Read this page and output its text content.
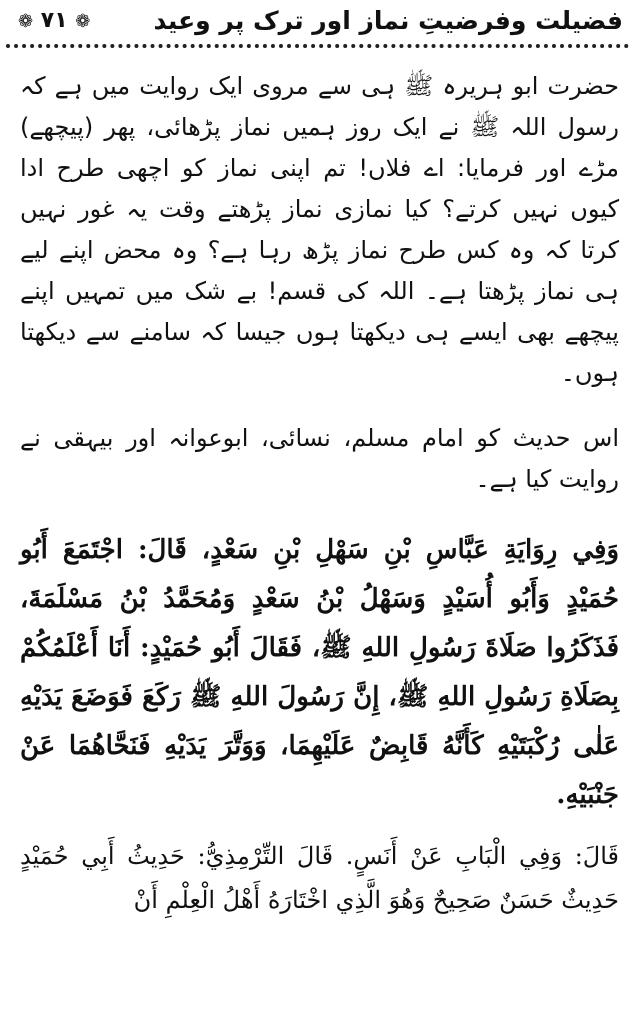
فضیلت وفرضیتِ نماز اور ترک پر وعید
❁ ۷۱ ❁

حضرت ابو ہریرہ ﷺ ہی سے مروی ایک روایت میں ہے کہ رسول اللہ ﷺ نے ایک روز ہمیں نماز پڑھائی، پھر (پیچھے) مڑے اور فرمایا: اے فلاں! تم اپنی نماز کو اچھی طرح ادا کیوں نہیں کرتے؟ کیا نمازی نماز پڑھتے وقت یہ غور نہیں کرتا کہ وہ کس طرح نماز پڑھ رہا ہے؟ وہ محض اپنے لیے ہی نماز پڑھتا ہے۔ اللہ کی قسم! بے شک میں تمہیں اپنے پیچھے بھی ایسے ہی دیکھتا ہوں جیسا کہ سامنے سے دیکھتا ہوں۔

اس حدیث کو امام مسلم، نسائی، ابوعوانہ اور بیہقی نے روایت کیا ہے۔

وَفِي رِوَايَةِ عَبَّاسِ بْنِ سَهْلِ بْنِ سَعْدٍ، قَالَ: اجْتَمَعَ أَبُو حُمَيْدٍ وَأَبُو أُسَيْدٍ وَسَهْلُ بْنُ سَعْدٍ وَمُحَمَّدُ بْنُ مَسْلَمَةَ، فَذَكَرُوا صَلَاةَ رَسُولِ اللهِ ﷺ، فَقَالَ أَبُو حُمَيْدٍ: أَنَا أَعْلَمُكُمْ بِصَلَاةِ رَسُولِ اللهِ ﷺ، إِنَّ رَسُولَ اللهِ ﷺ رَكَعَ فَوَضَعَ يَدَيْهِ عَلٰى رُكْبَتَيْهِ كَأَنَّهُ قَابِضٌ عَلَيْهِمَا، وَوَتَّرَ يَدَيْهِ فَنَحَّاهُمَا عَنْ جَنْبَيْهِ.

قَالَ: وَفِي الْبَابِ عَنْ أَنَسٍ. قَالَ التِّرْمِذِيُّ: حَدِيثُ أَبِي حُمَيْدٍ حَدِيثٌ حَسَنٌ صَحِيحٌ وَهُوَ الَّذِي اخْتَارَهُ أَهْلُ الْعِلْمِ أَنْ
